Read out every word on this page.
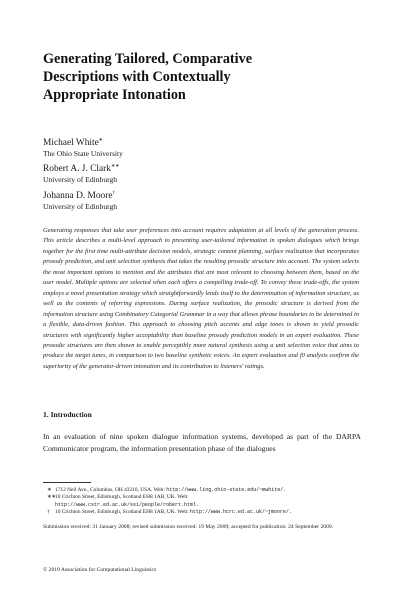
Generating Tailored, Comparative Descriptions with Contextually Appropriate Intonation
Michael White∗
The Ohio State University
Robert A. J. Clark∗∗
University of Edinburgh
Johanna D. Moore†
University of Edinburgh

Generating responses that take user preferences into account requires adaptation at all levels of the generation process. This article describes a multi-level approach to presenting user-tailored information in spoken dialogues which brings together for the first time multi-attribute decision models, strategic content planning, surface realization that incorporates prosody prediction, and unit selection synthesis that takes the resulting prosodic structure into account. The system selects the most important options to mention and the attributes that are most relevant to choosing between them, based on the user model. Multiple options are selected when each offers a compelling trade-off. To convey these trade-offs, the system employs a novel presentation strategy which straightforwardly lends itself to the determination of information structure, as well as the contents of referring expressions. During surface realization, the prosodic structure is derived from the information structure using Combinatory Categorial Grammar in a way that allows phrase boundaries to be determined in a flexible, data-driven fashion. This approach to choosing pitch accents and edge tones is shown to yield prosodic structures with significantly higher acceptability than baseline prosody prediction models in an expert evaluation. These prosodic structures are then shown to enable perceptibly more natural synthesis using a unit selection voice that aims to produce the target tunes, in comparison to two baseline synthetic voices. An expert evaluation and f0 analysis confirm the superiority of the generator-driven intonation and its contribution to listeners' ratings.

1. Introduction

In an evaluation of nine spoken dialogue information systems, developed as part of the DARPA Communicator program, the information presentation phase of the dialogues

∗ 1712 Neil Ave., Columbus, OH 43210, USA. Web: http://www.ling.ohio-state.edu/~mwhite/.
∗∗10 Crichton Street, Edinburgh, Scotland EH8 1AB, UK. Web:
http://www.cstr.ed.ac.uk/ssi/people/robert.html.
† 10 Crichton Street, Edinburgh, Scotland EH8 1AB, UK. Web: http://www.hcrc.ed.ac.uk/~jmoore/.

Submission received: 31 January 2008; revised submission received: 19 May 2009; accepted for publication: 24 September 2009.

© 2010 Association for Computational Linguistics
